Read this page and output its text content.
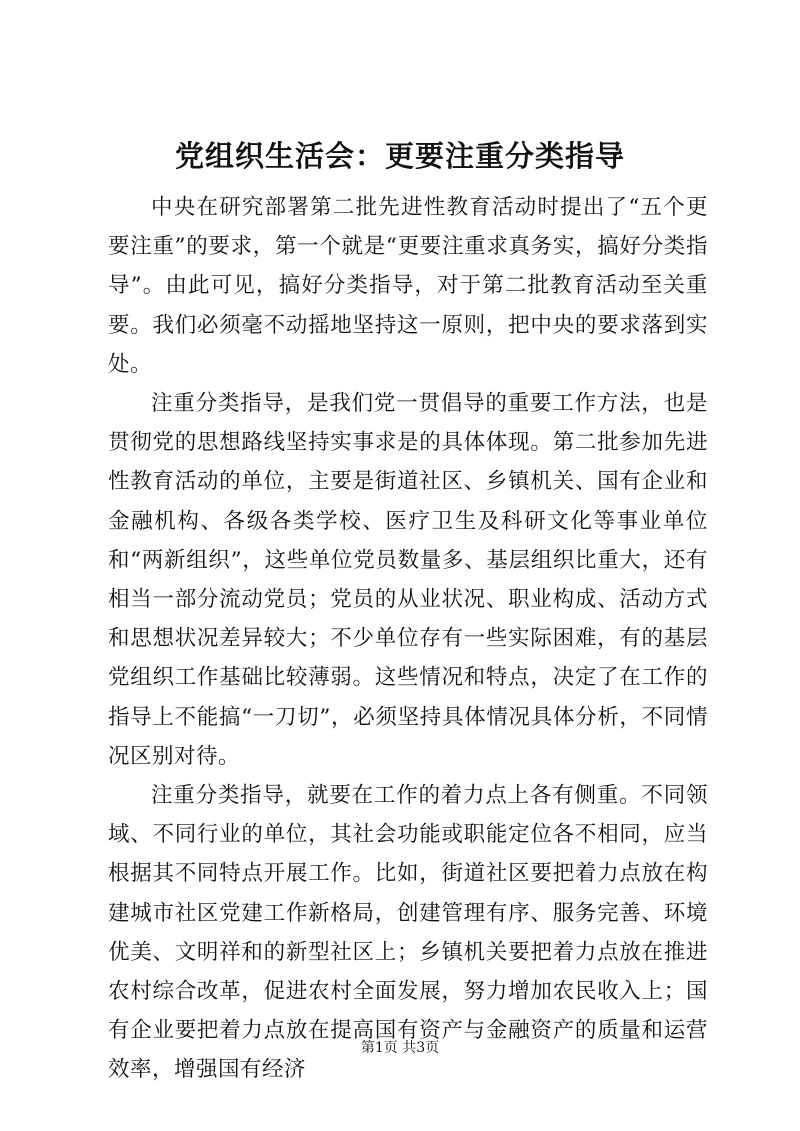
党组织生活会：更要注重分类指导

中央在研究部署第二批先进性教育活动时提出了“五个更要注重”的要求，第一个就是“更要注重求真务实，搞好分类指导”。由此可见，搞好分类指导，对于第二批教育活动至关重要。我们必须毫不动摇地坚持这一原则，把中央的要求落到实处。

注重分类指导，是我们党一贯倡导的重要工作方法，也是贯彻党的思想路线坚持实事求是的具体体现。第二批参加先进性教育活动的单位，主要是街道社区、乡镇机关、国有企业和金融机构、各级各类学校、医疗卫生及科研文化等事业单位和“两新组织”，这些单位党员数量多、基层组织比重大，还有相当一部分流动党员；党员的从业状况、职业构成、活动方式和思想状况差异较大；不少单位存有一些实际困难，有的基层党组织工作基础比较薄弱。这些情况和特点，决定了在工作的指导上不能搞“一刀切”，必须坚持具体情况具体分析，不同情况区别对待。

注重分类指导，就要在工作的着力点上各有侧重。不同领域、不同行业的单位，其社会功能或职能定位各不相同，应当根据其不同特点开展工作。比如，街道社区要把着力点放在构建城市社区党建工作新格局，创建管理有序、服务完善、环境优美、文明祥和的新型社区上；乡镇机关要把着力点放在推进农村综合改革，促进农村全面发展，努力增加农民收入上；国有企业要把着力点放在提高国有资产与金融资产的质量和运营效率，增强国有经济

第1页 共3页
